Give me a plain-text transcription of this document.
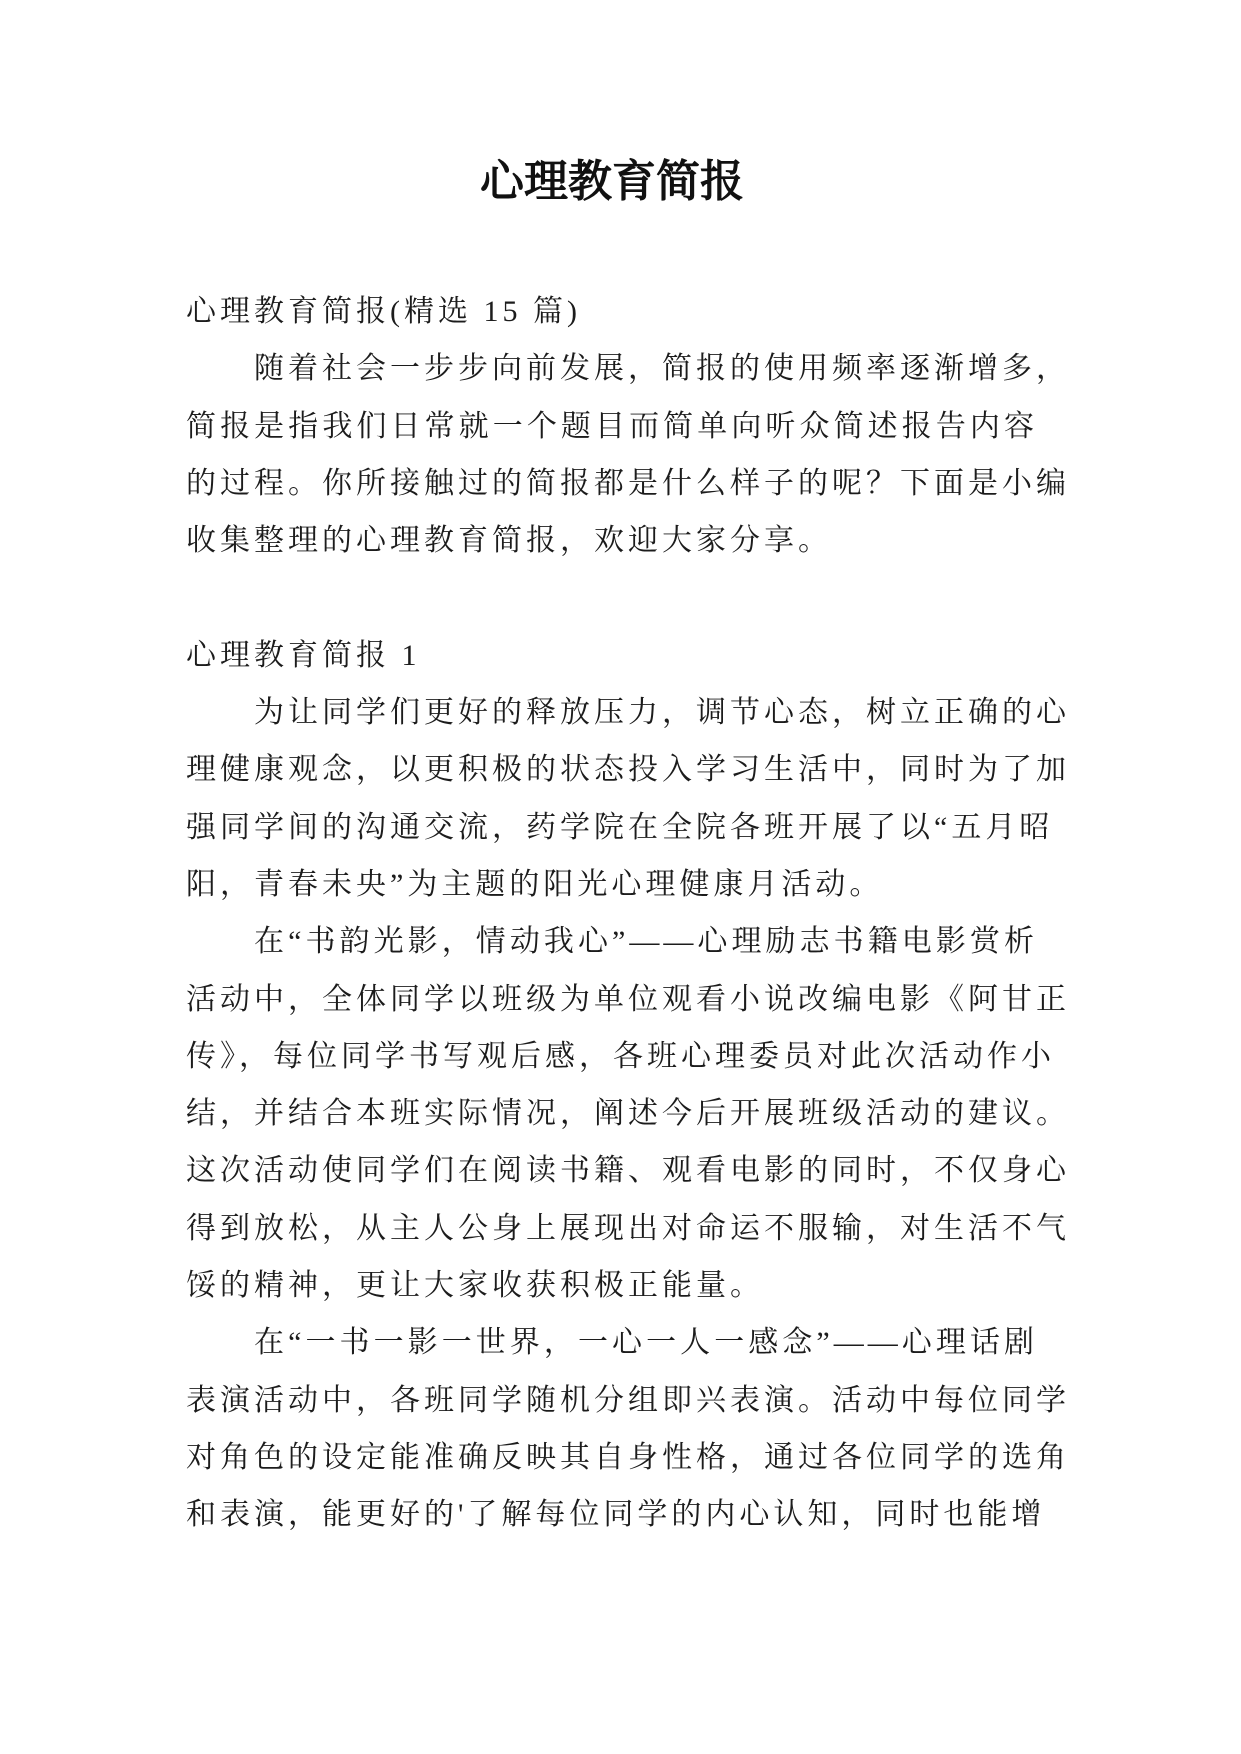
心理教育简报
心理教育简报(精选 15 篇)
随着社会一步步向前发展，简报的使用频率逐渐增多，
简报是指我们日常就一个题目而简单向听众简述报告内容
的过程。你所接触过的简报都是什么样子的呢？下面是小编
收集整理的心理教育简报，欢迎大家分享。
心理教育简报 1
为让同学们更好的释放压力，调节心态，树立正确的心
理健康观念，以更积极的状态投入学习生活中，同时为了加
强同学间的沟通交流，药学院在全院各班开展了以“五月昭
阳，青春未央”为主题的阳光心理健康月活动。
在“书韵光影，情动我心”——心理励志书籍电影赏析
活动中，全体同学以班级为单位观看小说改编电影《阿甘正
传》，每位同学书写观后感，各班心理委员对此次活动作小
结，并结合本班实际情况，阐述今后开展班级活动的建议。
这次活动使同学们在阅读书籍、观看电影的同时，不仅身心
得到放松，从主人公身上展现出对命运不服输，对生活不气
馁的精神，更让大家收获积极正能量。
在“一书一影一世界，一心一人一感念”——心理话剧
表演活动中，各班同学随机分组即兴表演。活动中每位同学
对角色的设定能准确反映其自身性格，通过各位同学的选角
和表演，能更好的'了解每位同学的内心认知，同时也能增
